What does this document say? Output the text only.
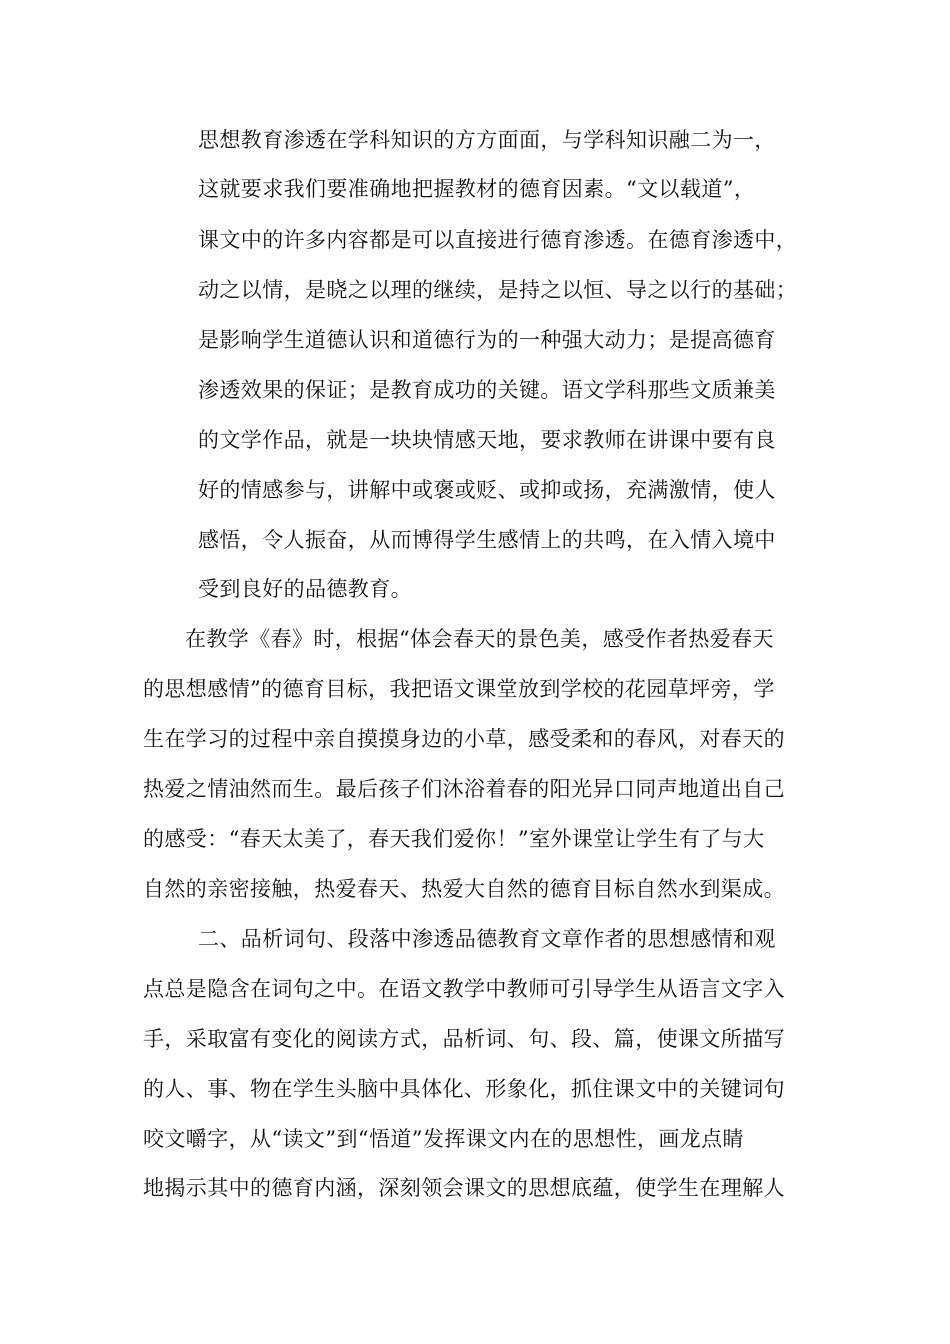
思想教育渗透在学科知识的方方面面，与学科知识融二为一，
这就要求我们要准确地把握教材的德育因素。“文以载道”，
课文中的许多内容都是可以直接进行德育渗透。在德育渗透中，
动之以情，是晓之以理的继续，是持之以恒、导之以行的基础；
是影响学生道德认识和道德行为的一种强大动力；是提高德育
渗透效果的保证；是教育成功的关键。语文学科那些文质兼美
的文学作品，就是一块块情感天地，要求教师在讲课中要有良
好的情感参与，讲解中或褒或贬、或抑或扬，充满激情，使人
感悟，令人振奋，从而博得学生感情上的共鸣，在入情入境中
受到良好的品德教育。
在教学《春》时，根据“体会春天的景色美，感受作者热爱春天
的思想感情”的德育目标，我把语文课堂放到学校的花园草坪旁，学
生在学习的过程中亲自摸摸身边的小草，感受柔和的春风，对春天的
热爱之情油然而生。最后孩子们沐浴着春的阳光异口同声地道出自己
的感受：“春天太美了，春天我们爱你！”室外课堂让学生有了与大
自然的亲密接触，热爱春天、热爱大自然的德育目标自然水到渠成。
二、品析词句、段落中渗透品德教育文章作者的思想感情和观
点总是隐含在词句之中。在语文教学中教师可引导学生从语言文字入
手，采取富有变化的阅读方式，品析词、句、段、篇，使课文所描写
的人、事、物在学生头脑中具体化、形象化，抓住课文中的关键词句
咬文嚼字，从“读文”到“悟道”发挥课文内在的思想性，画龙点睛
地揭示其中的德育内涵，深刻领会课文的思想底蕴，使学生在理解人
